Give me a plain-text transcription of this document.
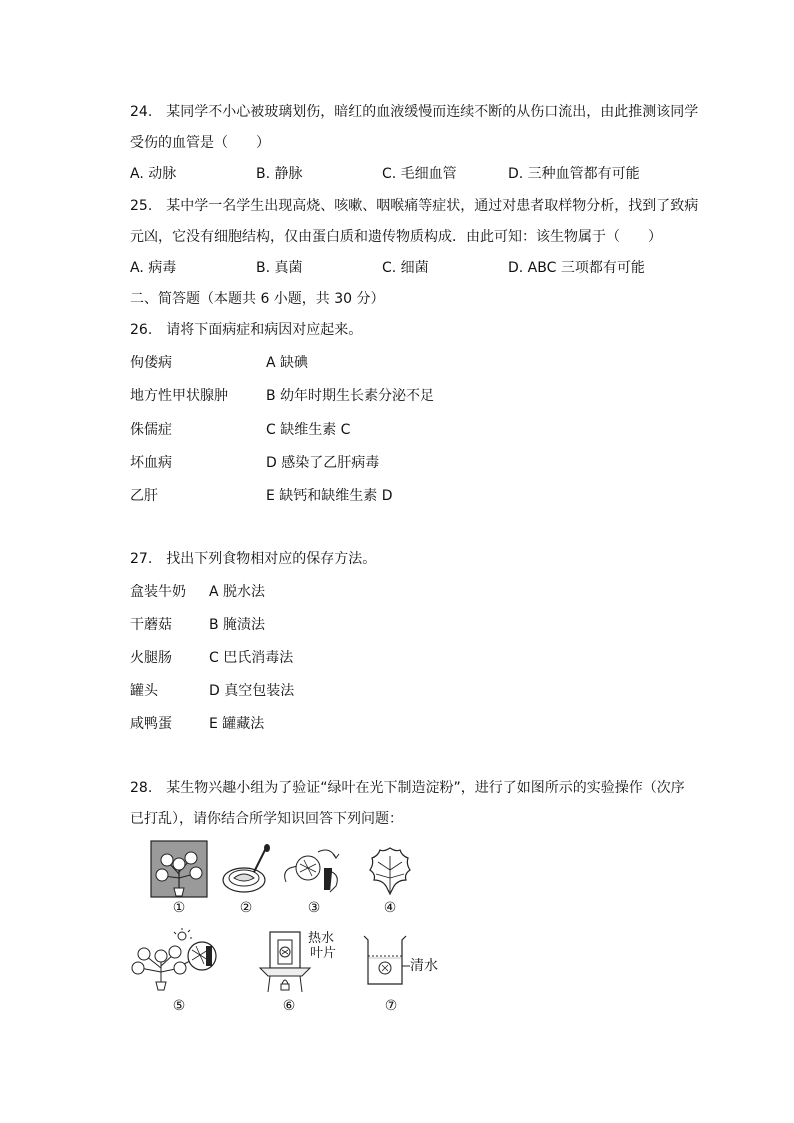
24.　某同学不小心被玻璃划伤，暗红的血液缓慢而连续不断的从伤口流出，由此推测该同学
受伤的血管是（　　）
A. 动脉	B. 静脉	C. 毛细血管	D. 三种血管都有可能
25.　某中学一名学生出现高烧、咳嗽、咽喉痛等症状，通过对患者取样物分析，找到了致病
元凶，它没有细胞结构，仅由蛋白质和遗传物质构成．由此可知：该生物属于（　　）
A. 病毒	B. 真菌	C. 细菌	D. ABC 三项都有可能
二、简答题（本题共 6 小题，共 30 分）
26.　请将下面病症和病因对应起来。
佝偻病	A 缺碘
地方性甲状腺肿	B 幼年时期生长素分泌不足
侏儒症	C 缺维生素 C
坏血病	D 感染了乙肝病毒
乙肝	E 缺钙和缺维生素 D
27.　找出下列食物相对应的保存方法。
盒装牛奶 A 脱水法
干蘑菇	B 腌渍法
火腿肠	C 巴氏消毒法
罐头	D 真空包装法
咸鸭蛋	E 罐藏法
28.　某生物兴趣小组为了验证“绿叶在光下制造淀粉”，进行了如图所示的实验操作（次序
已打乱），请你结合所学知识回答下列问题：
①	②	③	④
⑤
热水
叶片
⑥
清水
⑦
